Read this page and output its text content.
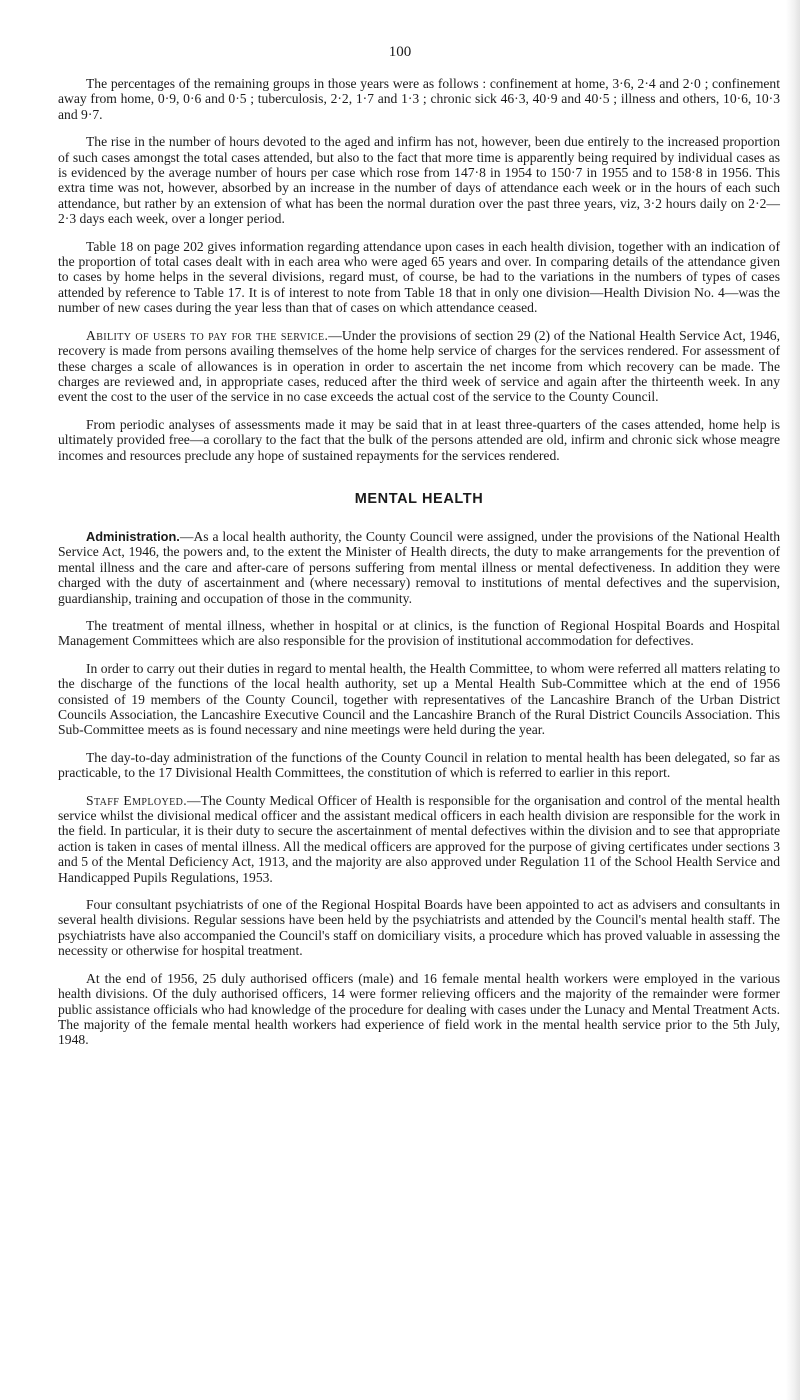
100

The percentages of the remaining groups in those years were as follows : confinement at home, 3·6, 2·4 and 2·0 ; confinement away from home, 0·9, 0·6 and 0·5 ; tuberculosis, 2·2, 1·7 and 1·3 ; chronic sick 46·3, 40·9 and 40·5 ; illness and others, 10·6, 10·3 and 9·7.

The rise in the number of hours devoted to the aged and infirm has not, however, been due entirely to the increased proportion of such cases amongst the total cases attended, but also to the fact that more time is apparently being required by individual cases as is evidenced by the average number of hours per case which rose from 147·8 in 1954 to 150·7 in 1955 and to 158·8 in 1956. This extra time was not, however, absorbed by an increase in the number of days of attendance each week or in the hours of each such attendance, but rather by an extension of what has been the normal duration over the past three years, viz, 3·2 hours daily on 2·2—2·3 days each week, over a longer period.

Table 18 on page 202 gives information regarding attendance upon cases in each health division, together with an indication of the proportion of total cases dealt with in each area who were aged 65 years and over. In comparing details of the attendance given to cases by home helps in the several divisions, regard must, of course, be had to the variations in the numbers of types of cases attended by reference to Table 17. It is of interest to note from Table 18 that in only one division—Health Division No. 4—was the number of new cases during the year less than that of cases on which attendance ceased.

Ability of users to pay for the service.—Under the provisions of section 29 (2) of the National Health Service Act, 1946, recovery is made from persons availing themselves of the home help service of charges for the services rendered. For assessment of these charges a scale of allowances is in operation in order to ascertain the net income from which recovery can be made. The charges are reviewed and, in appropriate cases, reduced after the third week of service and again after the thirteenth week. In any event the cost to the user of the service in no case exceeds the actual cost of the service to the County Council.

From periodic analyses of assessments made it may be said that in at least three-quarters of the cases attended, home help is ultimately provided free—a corollary to the fact that the bulk of the persons attended are old, infirm and chronic sick whose meagre incomes and resources preclude any hope of sustained repayments for the services rendered.

MENTAL HEALTH

Administration.—As a local health authority, the County Council were assigned, under the provisions of the National Health Service Act, 1946, the powers and, to the extent the Minister of Health directs, the duty to make arrangements for the prevention of mental illness and the care and after-care of persons suffering from mental illness or mental defectiveness. In addition they were charged with the duty of ascertainment and (where necessary) removal to institutions of mental defectives and the supervision, guardianship, training and occupation of those in the community.

The treatment of mental illness, whether in hospital or at clinics, is the function of Regional Hospital Boards and Hospital Management Committees which are also responsible for the provision of institutional accommodation for defectives.

In order to carry out their duties in regard to mental health, the Health Committee, to whom were referred all matters relating to the discharge of the functions of the local health authority, set up a Mental Health Sub-Committee which at the end of 1956 consisted of 19 members of the County Council, together with representatives of the Lancashire Branch of the Urban District Councils Association, the Lancashire Executive Council and the Lancashire Branch of the Rural District Councils Association. This Sub-Committee meets as is found necessary and nine meetings were held during the year.

The day-to-day administration of the functions of the County Council in relation to mental health has been delegated, so far as practicable, to the 17 Divisional Health Committees, the constitution of which is referred to earlier in this report.

Staff Employed.—The County Medical Officer of Health is responsible for the organisation and control of the mental health service whilst the divisional medical officer and the assistant medical officers in each health division are responsible for the work in the field. In particular, it is their duty to secure the ascertainment of mental defectives within the division and to see that appropriate action is taken in cases of mental illness. All the medical officers are approved for the purpose of giving certificates under sections 3 and 5 of the Mental Deficiency Act, 1913, and the majority are also approved under Regulation 11 of the School Health Service and Handicapped Pupils Regulations, 1953.

Four consultant psychiatrists of one of the Regional Hospital Boards have been appointed to act as advisers and consultants in several health divisions. Regular sessions have been held by the psychiatrists and attended by the Council's mental health staff. The psychiatrists have also accompanied the Council's staff on domiciliary visits, a procedure which has proved valuable in assessing the necessity or otherwise for hospital treatment.

At the end of 1956, 25 duly authorised officers (male) and 16 female mental health workers were employed in the various health divisions. Of the duly authorised officers, 14 were former relieving officers and the majority of the remainder were former public assistance officials who had knowledge of the procedure for dealing with cases under the Lunacy and Mental Treatment Acts. The majority of the female mental health workers had experience of field work in the mental health service prior to the 5th July, 1948.
